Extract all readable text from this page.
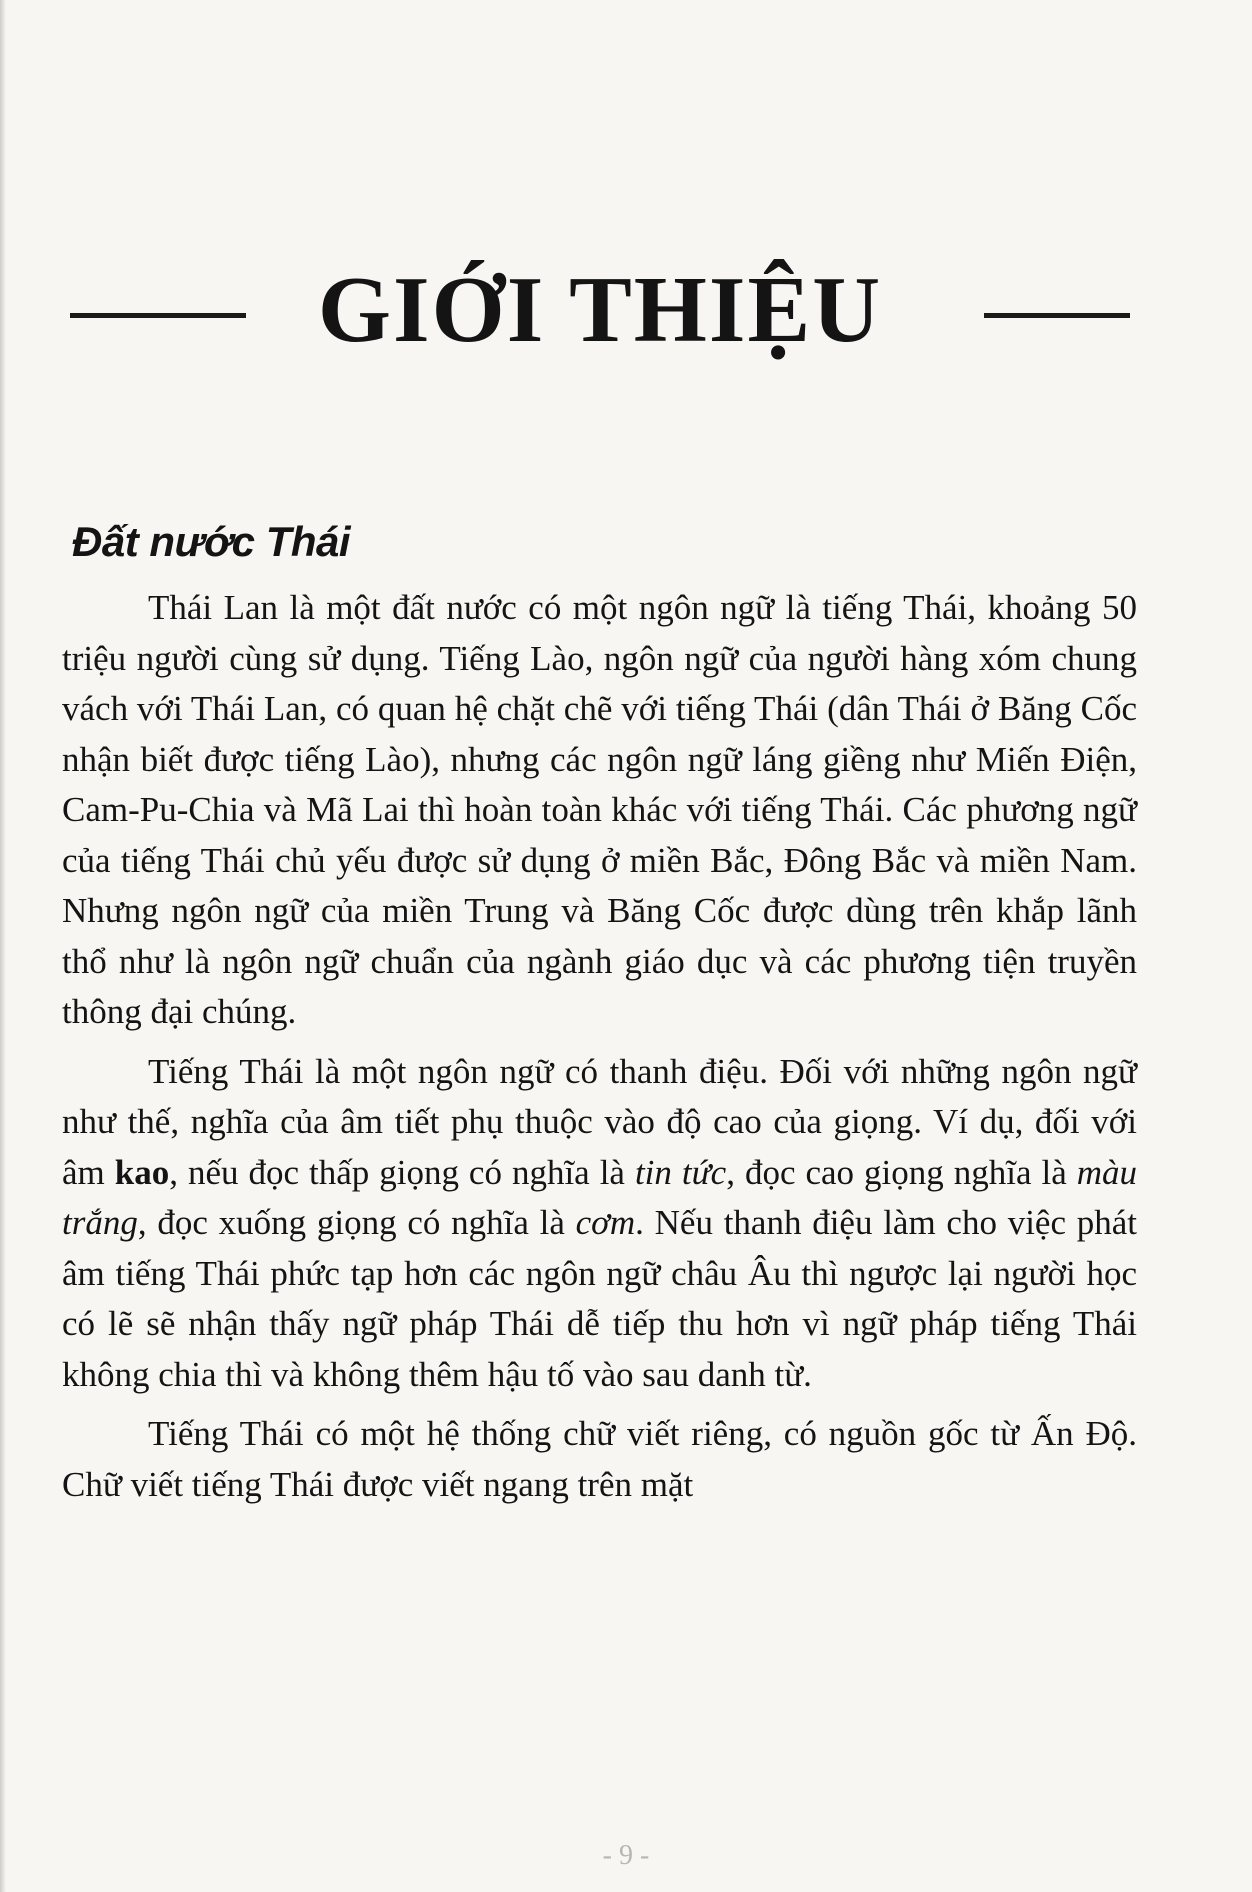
GIỚI THIỆU
Đất nước Thái

Thái Lan là một đất nước có một ngôn ngữ là tiếng Thái, khoảng 50 triệu người cùng sử dụng. Tiếng Lào, ngôn ngữ của người hàng xóm chung vách với Thái Lan, có quan hệ chặt chẽ với tiếng Thái (dân Thái ở Băng Cốc nhận biết được tiếng Lào), nhưng các ngôn ngữ láng giềng như Miến Điện, Cam-Pu-Chia và Mã Lai thì hoàn toàn khác với tiếng Thái. Các phương ngữ của tiếng Thái chủ yếu được sử dụng ở miền Bắc, Đông Bắc và miền Nam. Nhưng ngôn ngữ của miền Trung và Băng Cốc được dùng trên khắp lãnh thổ như là ngôn ngữ chuẩn của ngành giáo dục và các phương tiện truyền thông đại chúng.

Tiếng Thái là một ngôn ngữ có thanh điệu. Đối với những ngôn ngữ như thế, nghĩa của âm tiết phụ thuộc vào độ cao của giọng. Ví dụ, đối với âm kao, nếu đọc thấp giọng có nghĩa là tin tức, đọc cao giọng nghĩa là màu trắng, đọc xuống giọng có nghĩa là cơm. Nếu thanh điệu làm cho việc phát âm tiếng Thái phức tạp hơn các ngôn ngữ châu Âu thì ngược lại người học có lẽ sẽ nhận thấy ngữ pháp Thái dễ tiếp thu hơn vì ngữ pháp tiếng Thái không chia thì và không thêm hậu tố vào sau danh từ.

Tiếng Thái có một hệ thống chữ viết riêng, có nguồn gốc từ Ấn Độ. Chữ viết tiếng Thái được viết ngang trên mặt

- 9 -
